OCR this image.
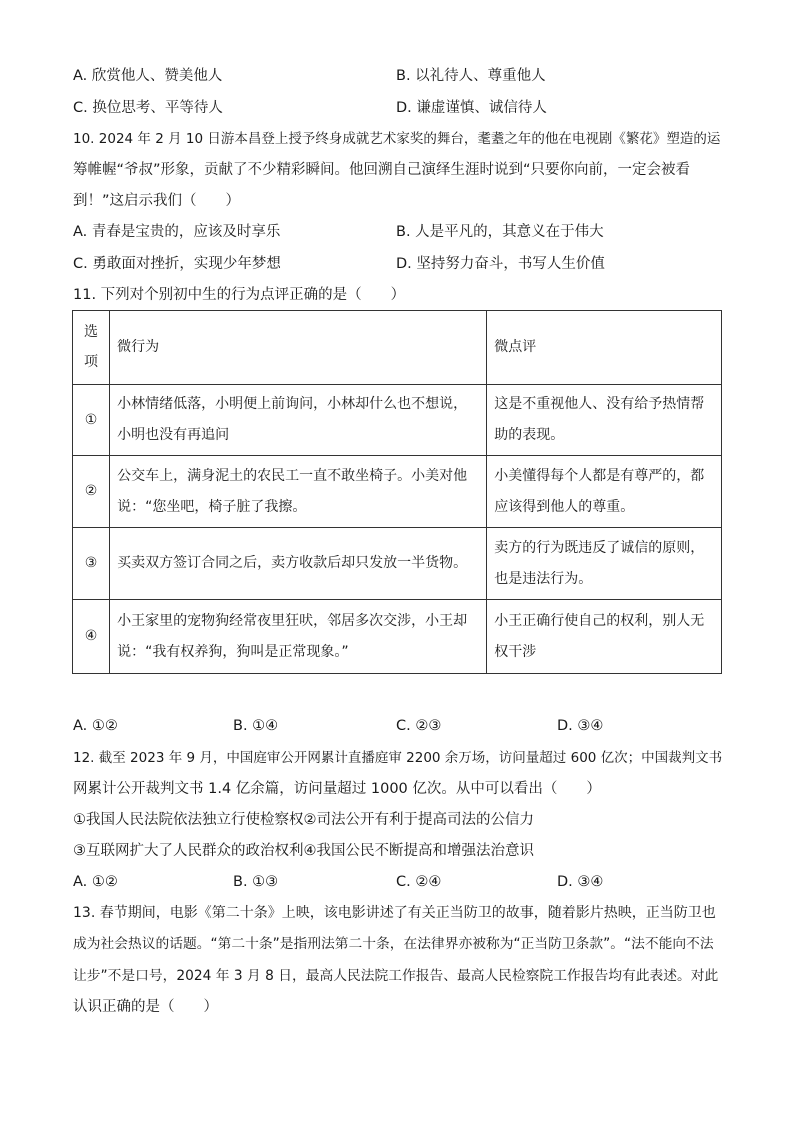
A. 欣赏他人、赞美他人	B. 以礼待人、尊重他人
C. 换位思考、平等待人	D. 谦虚谨慎、诚信待人
10. 2024 年 2 月 10 日游本昌登上授予终身成就艺术家奖的舞台，耄耋之年的他在电视剧《繁花》塑造的运
筹帷幄“爷叔”形象，贡献了不少精彩瞬间。他回溯自己演绎生涯时说到“只要你向前，一定会被看
到！”这启示我们（　　）
A. 青春是宝贵的，应该及时享乐	B. 人是平凡的，其意义在于伟大
C. 勇敢面对挫折，实现少年梦想	D. 坚持努力奋斗，书写人生价值
11. 下列对个别初中生的行为点评正确的是（　　）
选项	微行为	微点评
①	小林情绪低落，小明便上前询问，小林却什么也不想说，小明也没有再追问	这是不重视他人、没有给予热情帮助的表现。
②	公交车上，满身泥土的农民工一直不敢坐椅子。小美对他说：“您坐吧，椅子脏了我擦。	小美懂得每个人都是有尊严的，都应该得到他人的尊重。
③	买卖双方签订合同之后，卖方收款后却只发放一半货物。	卖方的行为既违反了诚信的原则，也是违法行为。
④	小王家里的宠物狗经常夜里狂吠，邻居多次交涉，小王却说：“我有权养狗，狗叫是正常现象。”	小王正确行使自己的权利，别人无权干涉
A. ①②	B. ①④	C. ②③	D. ③④
12. 截至 2023 年 9 月，中国庭审公开网累计直播庭审 2200 余万场，访问量超过 600 亿次；中国裁判文书
网累计公开裁判文书 1.4 亿余篇，访问量超过 1000 亿次。从中可以看出（　　）
①我国人民法院依法独立行使检察权②司法公开有利于提高司法的公信力
③互联网扩大了人民群众的政治权利④我国公民不断提高和增强法治意识
A. ①②	B. ①③	C. ②④	D. ③④
13. 春节期间，电影《第二十条》上映，该电影讲述了有关正当防卫的故事，随着影片热映，正当防卫也
成为社会热议的话题。“第二十条”是指刑法第二十条，在法律界亦被称为“正当防卫条款”。“法不能向不法
让步”不是口号，2024 年 3 月 8 日，最高人民法院工作报告、最高人民检察院工作报告均有此表述。对此
认识正确的是（　　）
